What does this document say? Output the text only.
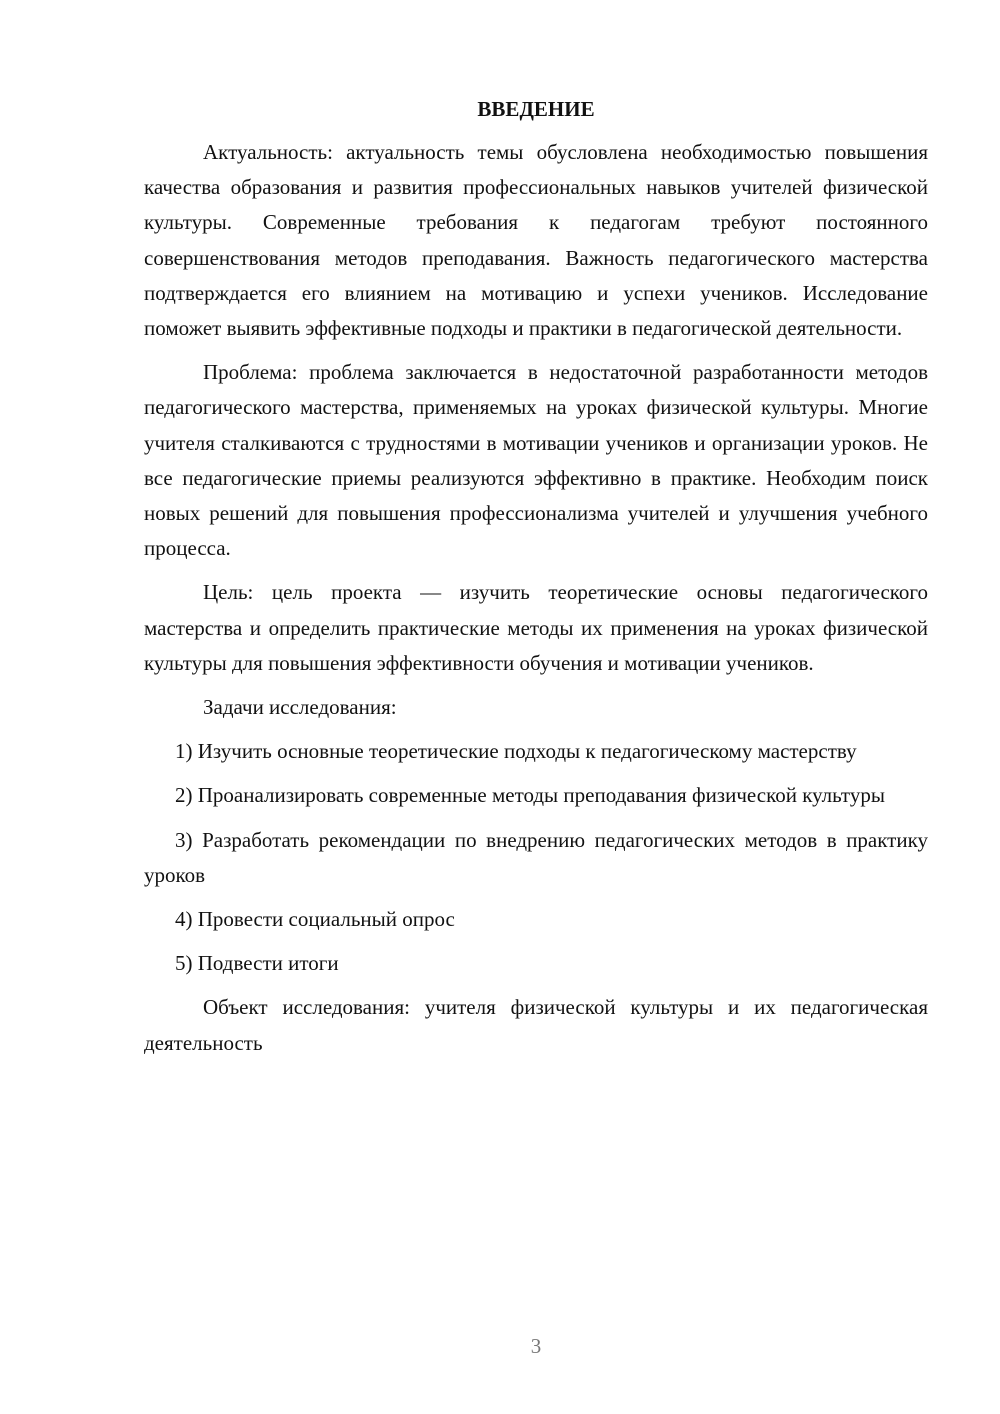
ВВЕДЕНИЕ

Актуальность: актуальность темы обусловлена необходимостью повышения качества образования и развития профессиональных навыков учителей физической культуры. Современные требования к педагогам требуют постоянного совершенствования методов преподавания. Важность педагогического мастерства подтверждается его влиянием на мотивацию и успехи учеников. Исследование поможет выявить эффективные подходы и практики в педагогической деятельности.

Проблема: проблема заключается в недостаточной разработанности методов педагогического мастерства, применяемых на уроках физической культуры. Многие учителя сталкиваются с трудностями в мотивации учеников и организации уроков. Не все педагогические приемы реализуются эффективно в практике. Необходим поиск новых решений для повышения профессионализма учителей и улучшения учебного процесса.

Цель: цель проекта — изучить теоретические основы педагогического мастерства и определить практические методы их применения на уроках физической культуры для повышения эффективности обучения и мотивации учеников.

Задачи исследования:

1) Изучить основные теоретические подходы к педагогическому мастерству

2) Проанализировать современные методы преподавания физической культуры

3) Разработать рекомендации по внедрению педагогических методов в практику уроков

4) Провести социальный опрос

5) Подвести итоги

Объект исследования: учителя физической культуры и их педагогическая деятельность

3
